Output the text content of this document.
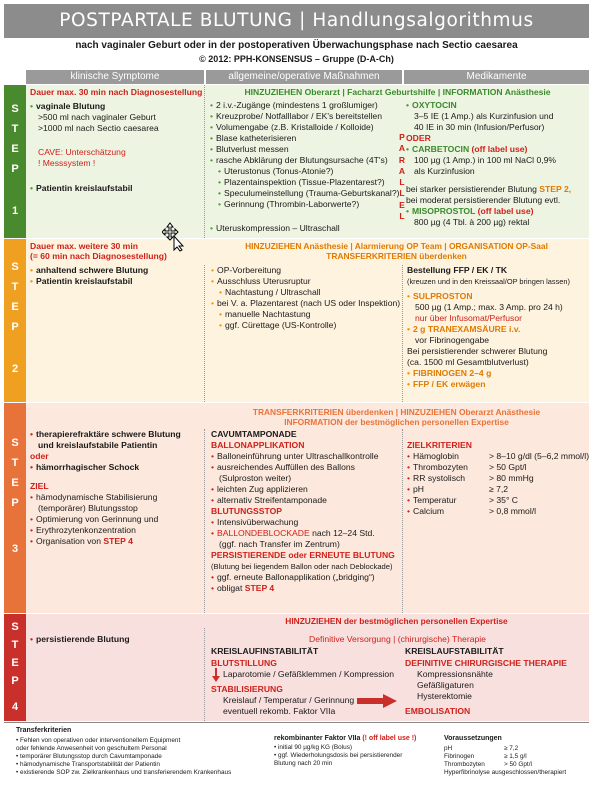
POSTPARTALE BLUTUNG | Handlungsalgorithmus
nach vaginaler Geburt oder in der postoperativen Überwachungsphase nach Sectio caesarea
© 2012: PPH-KONSENSUS – Gruppe (D-A-Ch)
klinische Symptome	allgemeine/operative Maßnahmen	Medikamente
S
T
E
P
1
Dauer max. 30 min nach Diagnosestellung
• vaginale Blutung
>500 ml nach vaginaler Geburt
>1000 ml nach Sectio caesarea
CAVE: Unterschätzung
! Messsystem !
• Patientin kreislaufstabil
HINZUZIEHEN Oberarzt | Facharzt Geburtshilfe | INFORMATION Anästhesie
• 2 i.v.-Zugänge (mindestens 1 großlumiger)
• Kreuzprobe/ Notfalllabor / EK's bereitstellen
• Volumengabe (z.B. Kristalloide / Kolloide)
• Blase katheterisieren
• Blutverlust messen
• rasche Abklärung der Blutungsursache (4T's)
• Uterustonus (Tonus-Atonie?)
• Plazentainspektion (Tissue-Plazentarest?)
• Speculumeinstellung (Trauma-Geburtskanal?)
• Gerinnung (Thrombin-Laborwerte?)
• Uteruskompression – Ultraschall
P
A
R
A
L
L
E
L
• OXYTOCIN
3–5 IE (1 Amp.) als Kurzinfusion und
40 IE in 30 min (Infusion/Perfusor)
ODER
• CARBETOCIN (off label use)
100 µg (1 Amp.) in 100 ml NaCl 0,9%
als Kurzinfusion
bei starker persistierender Blutung STEP 2,
bei moderat persistierender Blutung evtl.
• MISOPROSTOL (off label use)
800 µg (4 Tbl. à 200 µg) rektal
S
T
E
P
2
Dauer max. weitere 30 min
(= 60 min nach Diagnosestellung)
HINZUZIEHEN Anästhesie | Alarmierung OP Team | ORGANISATION OP-Saal
TRANSFERKRITERIEN überdenken
• anhaltend schwere Blutung
• Patientin kreislaufstabil
• OP-Vorbereitung
• Ausschluss Uterusruptur
• Nachtastung / Ultraschall
• bei V. a. Plazentarest (nach US oder Inspektion)
• manuelle Nachtastung
• ggf. Cürettage (US-Kontrolle)
Bestellung FFP / EK / TK
(kreuzen und in den Kreissaal/OP bringen lassen)
• SULPROSTON
500 µg (1 Amp.; max. 3 Amp. pro 24 h)
nur über Infusomat/Perfusor
• 2 g TRANEXAMSÄURE i.v.
vor Fibrinogengabe
Bei persistierender schwerer Blutung
(ca. 1500 ml Gesamtblutverlust)
• FIBRINOGEN 2–4 g
• FFP / EK erwägen
S
T
E
P
3
TRANSFERKRITERIEN überdenken | HINZUZIEHEN Oberarzt Anästhesie
INFORMATION der bestmöglichen personellen Expertise
• therapierefraktäre schwere Blutung
und kreislaufstabile Patientin
oder
• hämorrhagischer Schock
ZIEL
• hämodynamische Stabilisierung
(temporärer) Blutungsstop
• Optimierung von Gerinnung und
• Erythrozytenkonzentration
• Organisation von STEP 4
CAVUMTAMPONADE
BALLONAPPLIKATION
• Balloneinführung unter Ultraschallkontrolle
• ausreichendes Auffüllen des Ballons
(Sulproston weiter)
• leichten Zug applizieren
• alternativ Streifentamponade
BLUTUNGSSTOP
• Intensivüberwachung
• BALLONDEBLOCKADE nach 12–24 Std.
(ggf. nach Transfer im Zentrum)
PERSISTIERENDE oder ERNEUTE BLUTUNG
(Blutung bei liegendem Ballon oder nach Deblockade)
• ggf. erneute Ballonapplikation („bridging“)
• obligat STEP 4
ZIELKRITERIEN
• Hämoglobin	> 8–10 g/dl (5–6,2 mmol/l)
• Thrombozyten > 50 Gpt/l
• RR systolisch	> 80 mmHg
• pH	≥ 7,2
• Temperatur	> 35° C
• Calcium	> 0,8 mmol/l
S
T
E
P
4
HINZUZIEHEN der bestmöglichen personellen Expertise
• persistierende Blutung	Definitive Versorgung | (chirurgische) Therapie
KREISLAUFINSTABILITÄT
BLUTSTILLUNG
Laparotomie / Gefäßklemmen / Kompression
STABILISIERUNG
Kreislauf / Temperatur / Gerinnung
eventuell rekomb. Faktor VIIa
KREISLAUFSTABILITÄT
DEFINITIVE CHIRURGISCHE THERAPIE
Kompressionsnähte
Gefäßligaturen
Hysterektomie
EMBOLISATION
Transferkriterien
• Fehlen von operativen oder interventionellem Equipment
oder fehlende Anwesenheit von geschultem Personal
• temporärer Blutungsstop durch Cavumtamponade
• hämodynamische Transportstabilität der Patientin
• existierende SOP zw. Zielkrankenhaus und transferierendem Krankenhaus
rekombinanter Faktor VIIa (! off label use !)
• initial 90 µg/kg KG (Bolus)
• ggf. Wiederholungsdosis bei persistierender
Blutung nach 20 min
Voraussetzungen
pH	≥ 7,2
Fibrinogen	≥ 1,5 g/l
Thrombozyten	> 50 Gpt/l
Hyperfibrinolyse ausgeschlossen/therapiert
